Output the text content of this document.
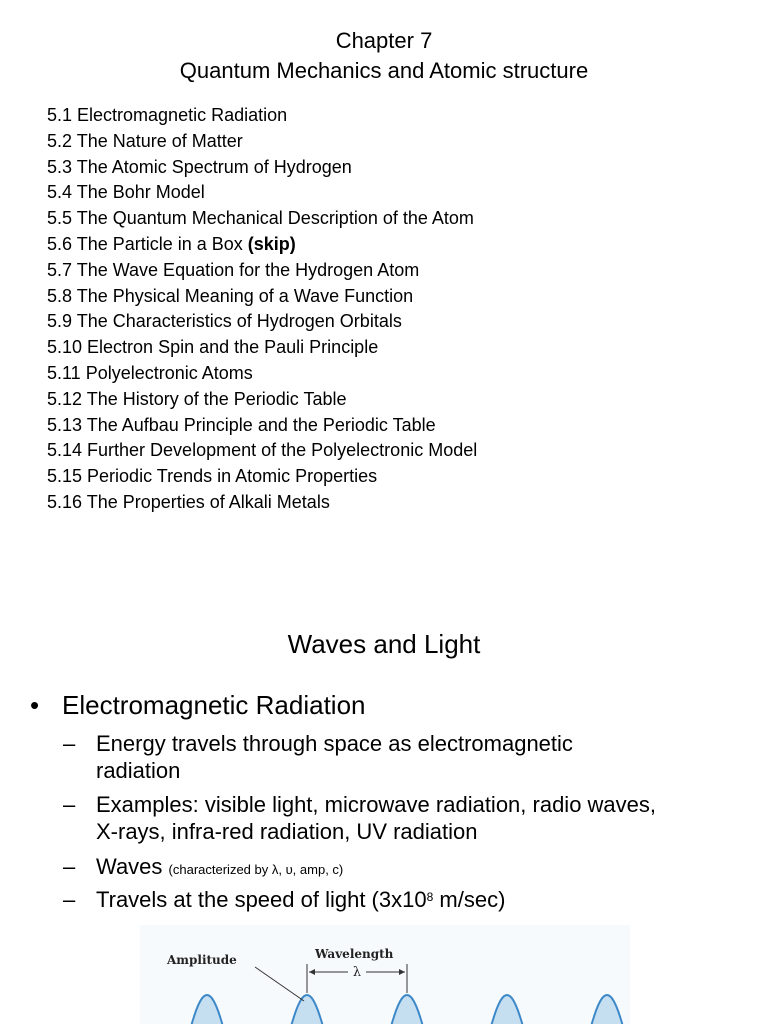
Chapter 7
Quantum Mechanics and Atomic structure
5.1 Electromagnetic Radiation
5.2 The Nature of Matter
5.3 The Atomic Spectrum of Hydrogen
5.4 The Bohr Model
5.5 The Quantum Mechanical Description of the Atom
5.6 The Particle in a Box (skip)
5.7 The Wave Equation for the Hydrogen Atom
5.8 The Physical Meaning of a Wave Function
5.9 The Characteristics of Hydrogen Orbitals
5.10 Electron Spin and the Pauli Principle
5.11 Polyelectronic Atoms
5.12 The History of the Periodic Table
5.13 The Aufbau Principle and the Periodic Table
5.14 Further Development of the Polyelectronic Model
5.15 Periodic Trends in Atomic Properties
5.16 The Properties of Alkali Metals
Waves and Light
• Electromagnetic Radiation
– Energy travels through space as electromagnetic radiation
– Examples: visible light, microwave radiation, radio waves, X-rays, infra-red radiation, UV radiation
– Waves (characterized by λ, υ, amp, c)
– Travels at the speed of light ($3x10^8$ m/sec)
Amplitude	Wavelength
λ
